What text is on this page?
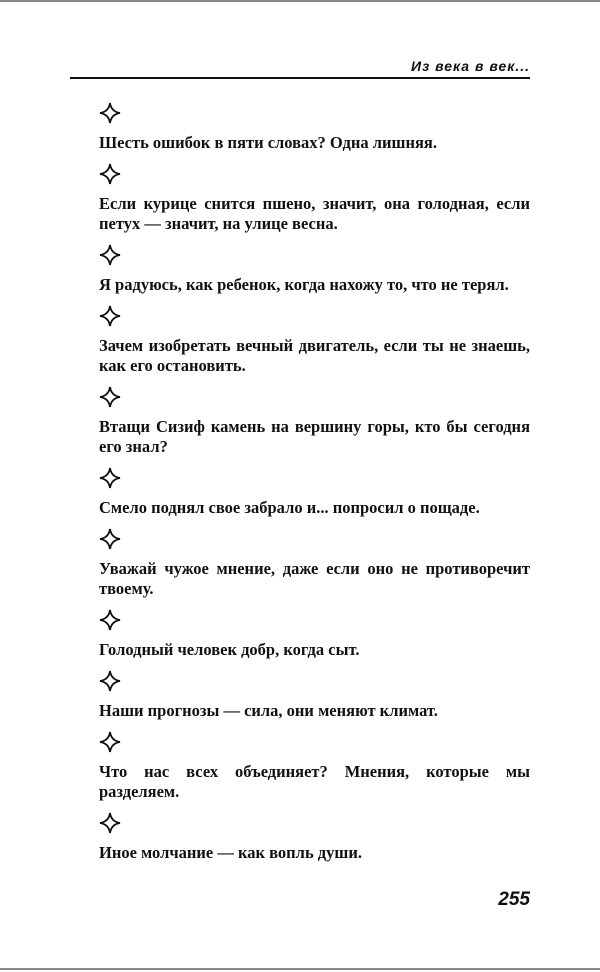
Из века в век...

Шесть ошибок в пяти словах? Одна лишняя.

Если курице снится пшено, значит, она голодная, если петух — значит, на улице весна.

Я радуюсь, как ребенок, когда нахожу то, что не терял.

Зачем изобретать вечный двигатель, если ты не знаешь, как его остановить.

Втащи Сизиф камень на вершину горы, кто бы сегодня его знал?

Смело поднял свое забрало и... попросил о пощаде.

Уважай чужое мнение, даже если оно не противоречит твоему.

Голодный человек добр, когда сыт.

Наши прогнозы — сила, они меняют климат.

Что нас всех объединяет? Мнения, которые мы разделяем.

Иное молчание — как вопль души.

255
